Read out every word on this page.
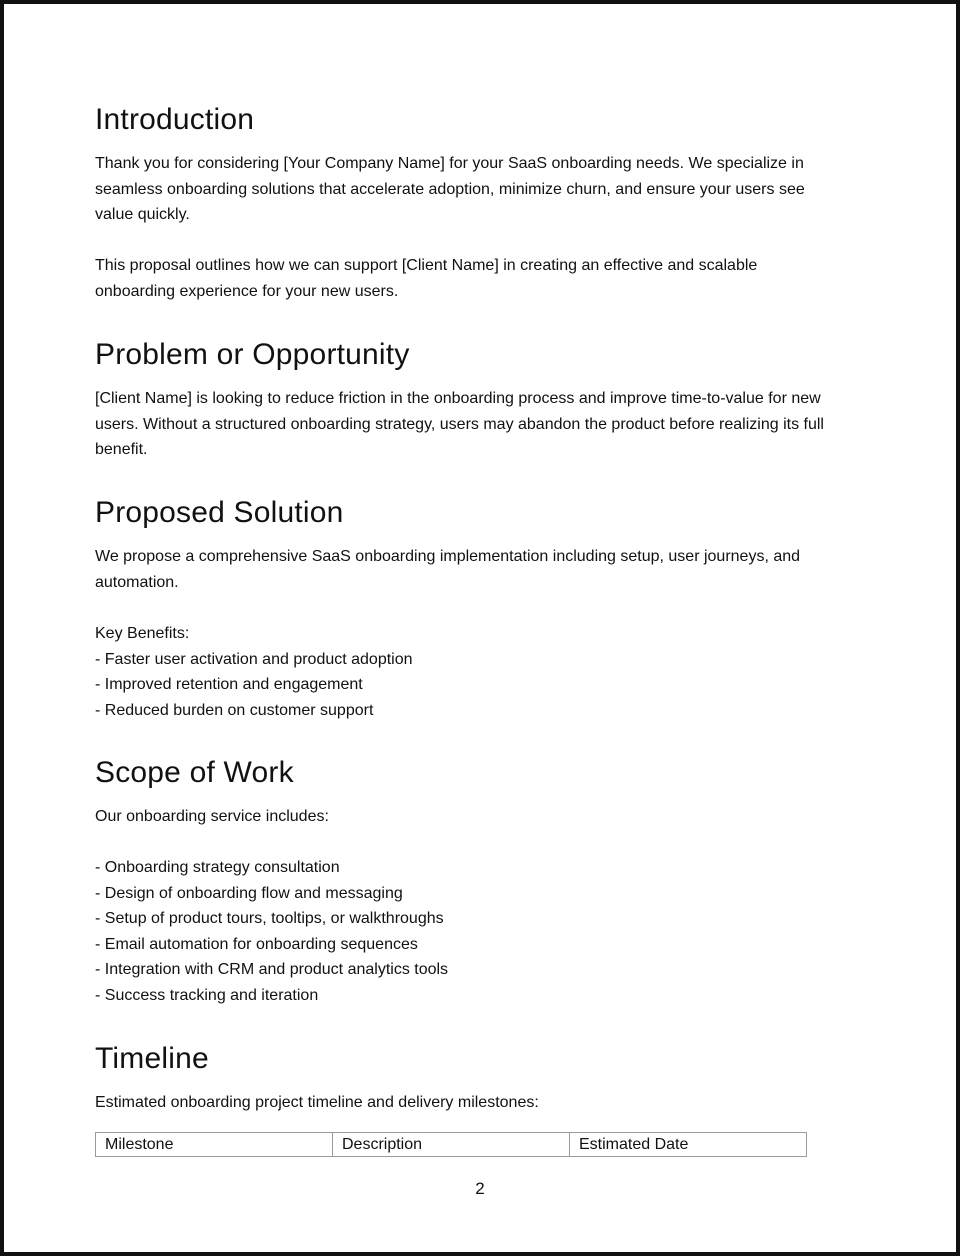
Introduction
Thank you for considering [Your Company Name] for your SaaS onboarding needs. We specialize in
seamless onboarding solutions that accelerate adoption, minimize churn, and ensure your users see
value quickly.
This proposal outlines how we can support [Client Name] in creating an effective and scalable
onboarding experience for your new users.
Problem or Opportunity
[Client Name] is looking to reduce friction in the onboarding process and improve time-to-value for new
users. Without a structured onboarding strategy, users may abandon the product before realizing its full
benefit.
Proposed Solution
We propose a comprehensive SaaS onboarding implementation including setup, user journeys, and
automation.
Key Benefits:
- Faster user activation and product adoption
- Improved retention and engagement
- Reduced burden on customer support
Scope of Work
Our onboarding service includes:
- Onboarding strategy consultation
- Design of onboarding flow and messaging
- Setup of product tours, tooltips, or walkthroughs
- Email automation for onboarding sequences
- Integration with CRM and product analytics tools
- Success tracking and iteration
Timeline
Estimated onboarding project timeline and delivery milestones:
Milestone	Description	Estimated Date
2
